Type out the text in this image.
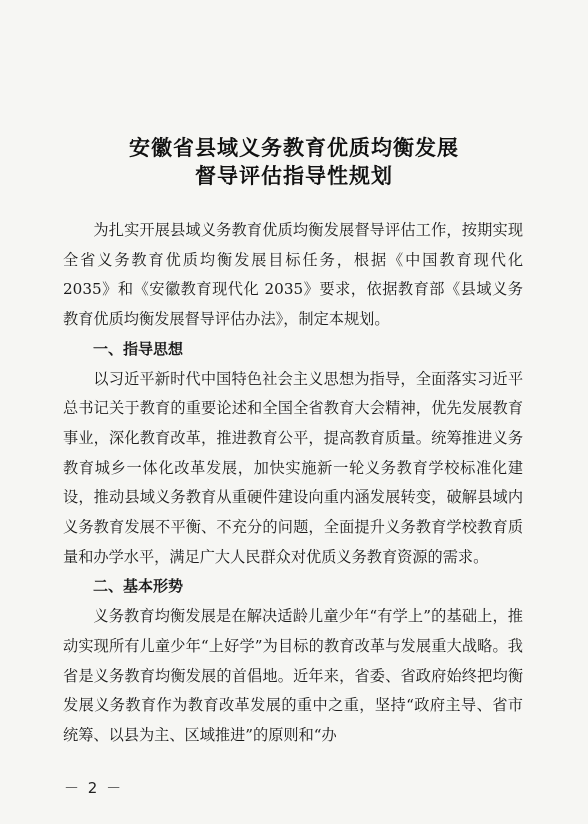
安徽省县域义务教育优质均衡发展
督导评估指导性规划

为扎实开展县域义务教育优质均衡发展督导评估工作，按期实现全省义务教育优质均衡发展目标任务，根据《中国教育现代化 2035》和《安徽教育现代化 2035》要求，依据教育部《县域义务教育优质均衡发展督导评估办法》，制定本规划。

一、指导思想

以习近平新时代中国特色社会主义思想为指导，全面落实习近平总书记关于教育的重要论述和全国全省教育大会精神，优先发展教育事业，深化教育改革，推进教育公平，提高教育质量。统筹推进义务教育城乡一体化改革发展，加快实施新一轮义务教育学校标准化建设，推动县域义务教育从重硬件建设向重内涵发展转变，破解县域内义务教育发展不平衡、不充分的问题，全面提升义务教育学校教育质量和办学水平，满足广大人民群众对优质义务教育资源的需求。

二、基本形势

义务教育均衡发展是在解决适龄儿童少年“有学上”的基础上，推动实现所有儿童少年“上好学”为目标的教育改革与发展重大战略。我省是义务教育均衡发展的首倡地。近年来，省委、省政府始终把均衡发展义务教育作为教育改革发展的重中之重，坚持“政府主导、省市统筹、以县为主、区域推进”的原则和“办

－ 2 －
